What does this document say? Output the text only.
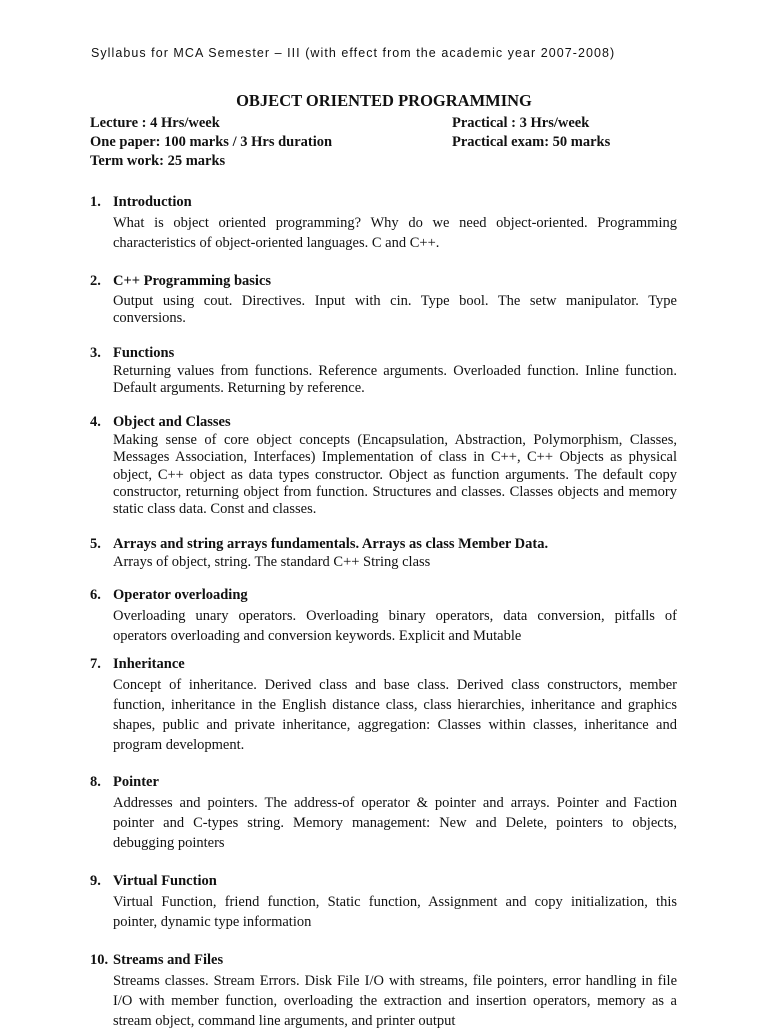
Syllabus for MCA Semester – III (with effect from the academic year 2007-2008)
OBJECT ORIENTED PROGRAMMING
Lecture : 4 Hrs/week	Practical : 3 Hrs/week
One paper: 100 marks / 3 Hrs duration	Practical exam: 50 marks
Term work: 25 marks
1. Introduction
What is object oriented programming? Why do we need object-oriented. Programming characteristics of object-oriented languages. C and C++.
2. C++ Programming basics
Output using cout. Directives. Input with cin. Type bool. The setw manipulator. Type conversions.
3. Functions
Returning values from functions. Reference arguments. Overloaded function. Inline function. Default arguments. Returning by reference.
4. Object and Classes
Making sense of core object concepts (Encapsulation, Abstraction, Polymorphism, Classes, Messages Association, Interfaces) Implementation of class in C++, C++ Objects as physical object, C++ object as data types constructor. Object as function arguments. The default copy constructor, returning object from function. Structures and classes. Classes objects and memory static class data. Const and classes.
5. Arrays and string arrays fundamentals. Arrays as class Member Data.
Arrays of object, string. The standard C++ String class
6. Operator overloading
Overloading unary operators. Overloading binary operators, data conversion, pitfalls of operators overloading and conversion keywords. Explicit and Mutable
7. Inheritance
Concept of inheritance. Derived class and base class. Derived class constructors, member function, inheritance in the English distance class, class hierarchies, inheritance and graphics shapes, public and private inheritance, aggregation: Classes within classes, inheritance and program development.
8. Pointer
Addresses and pointers. The address-of operator & pointer and arrays. Pointer and Faction pointer and C-types string. Memory management: New and Delete, pointers to objects, debugging pointers
9. Virtual Function
Virtual Function, friend function, Static function, Assignment and copy initialization, this pointer, dynamic type information
10. Streams and Files
Streams classes. Stream Errors. Disk File I/O with streams, file pointers, error handling in file I/O with member function, overloading the extraction and insertion operators, memory as a stream object, command line arguments, and printer output
